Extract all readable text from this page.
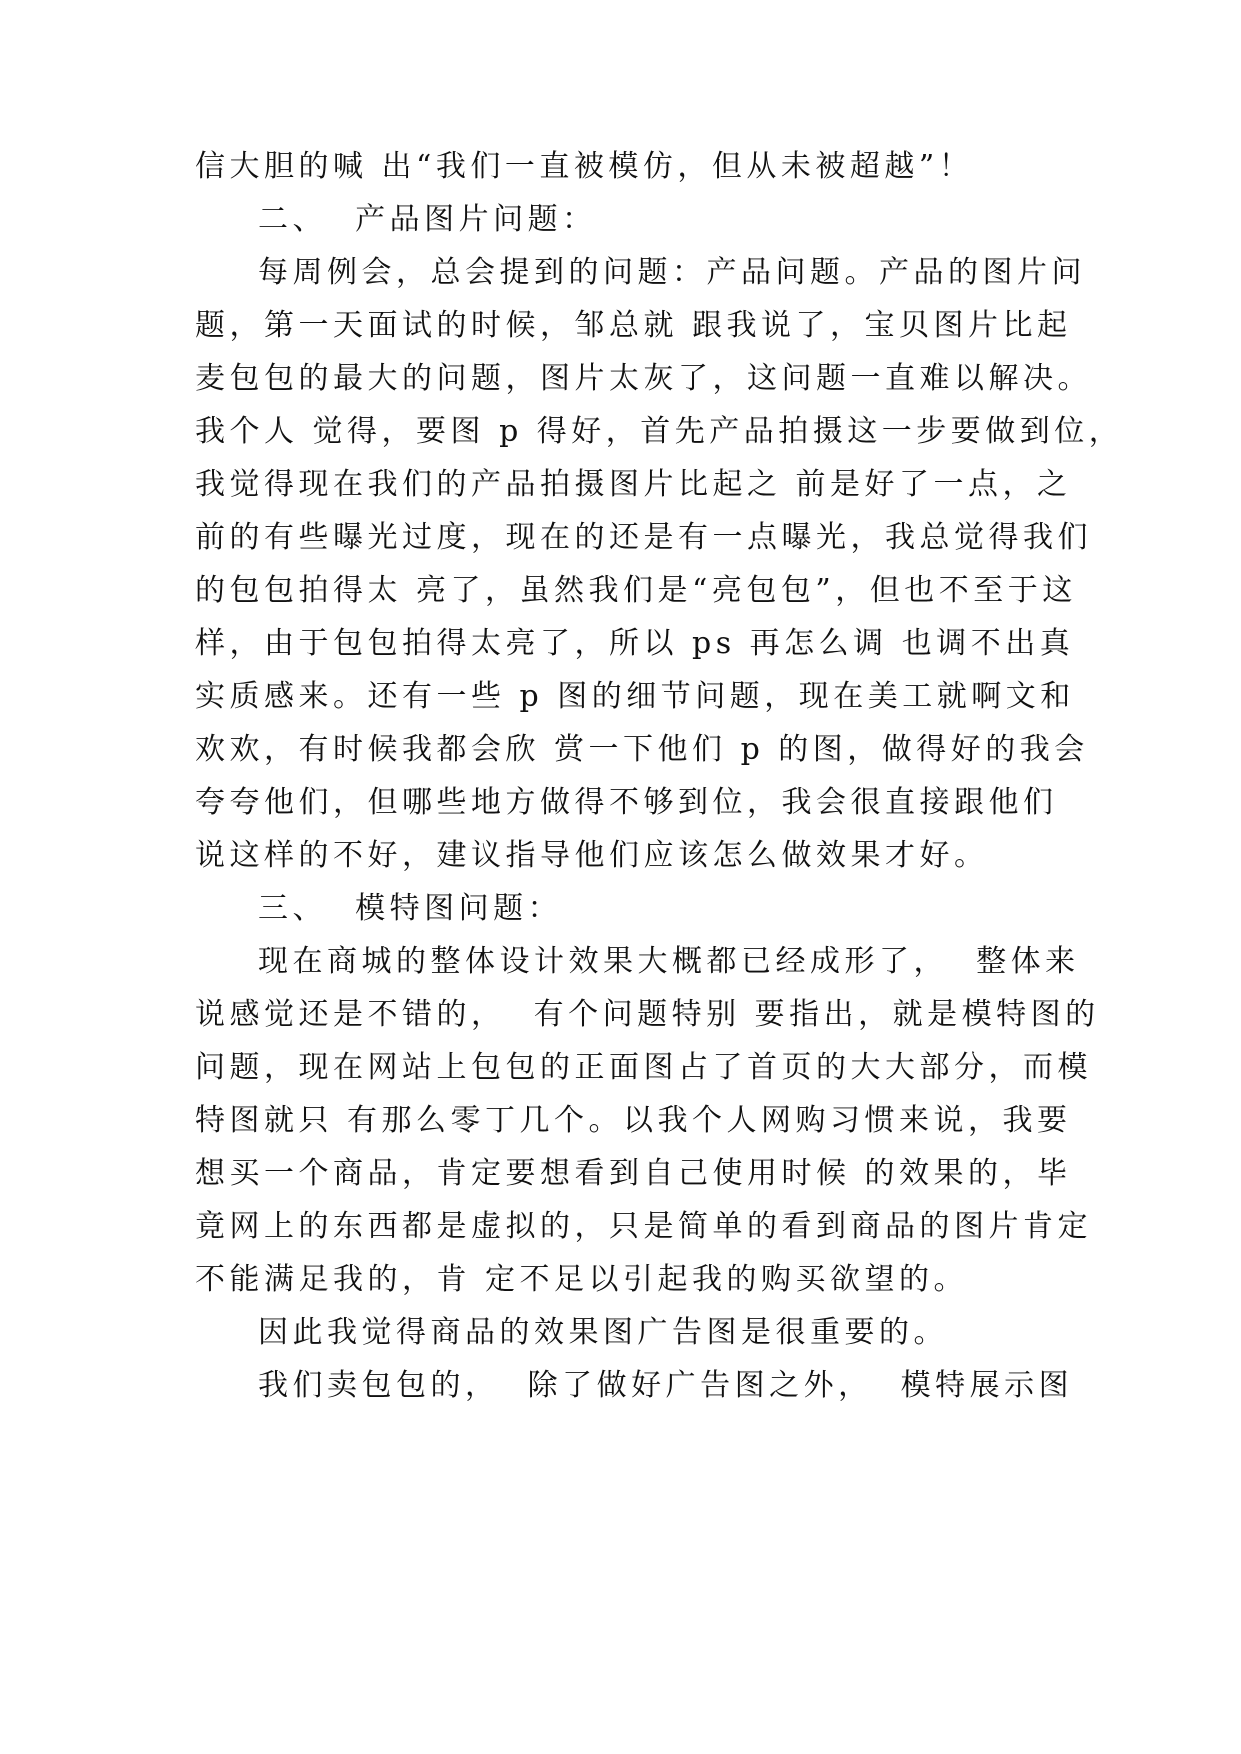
信大胆的喊 出“我们一直被模仿，但从未被超越”！
二、  产品图片问题：
每周例会，总会提到的问题：产品问题。产品的图片问
题，第一天面试的时候，邹总就 跟我说了，宝贝图片比起
麦包包的最大的问题，图片太灰了，这问题一直难以解决。
我个人 觉得，要图 p 得好，首先产品拍摄这一步要做到位，
我觉得现在我们的产品拍摄图片比起之 前是好了一点，之
前的有些曝光过度，现在的还是有一点曝光，我总觉得我们
的包包拍得太 亮了，虽然我们是“亮包包”，但也不至于这
样，由于包包拍得太亮了，所以 ps 再怎么调 也调不出真
实质感来。还有一些 p 图的细节问题，现在美工就啊文和
欢欢，有时候我都会欣 赏一下他们 p 的图，做得好的我会
夸夸他们，但哪些地方做得不够到位，我会很直接跟他们
说这样的不好，建议指导他们应该怎么做效果才好。
三、  模特图问题：
现在商城的整体设计效果大概都已经成形了，  整体来
说感觉还是不错的，  有个问题特别 要指出，就是模特图的
问题，现在网站上包包的正面图占了首页的大大部分，而模
特图就只 有那么零丁几个。以我个人网购习惯来说，我要
想买一个商品，肯定要想看到自己使用时候 的效果的，毕
竟网上的东西都是虚拟的，只是简单的看到商品的图片肯定
不能满足我的，肯 定不足以引起我的购买欲望的。
因此我觉得商品的效果图广告图是很重要的。
我们卖包包的，  除了做好广告图之外，  模特展示图
